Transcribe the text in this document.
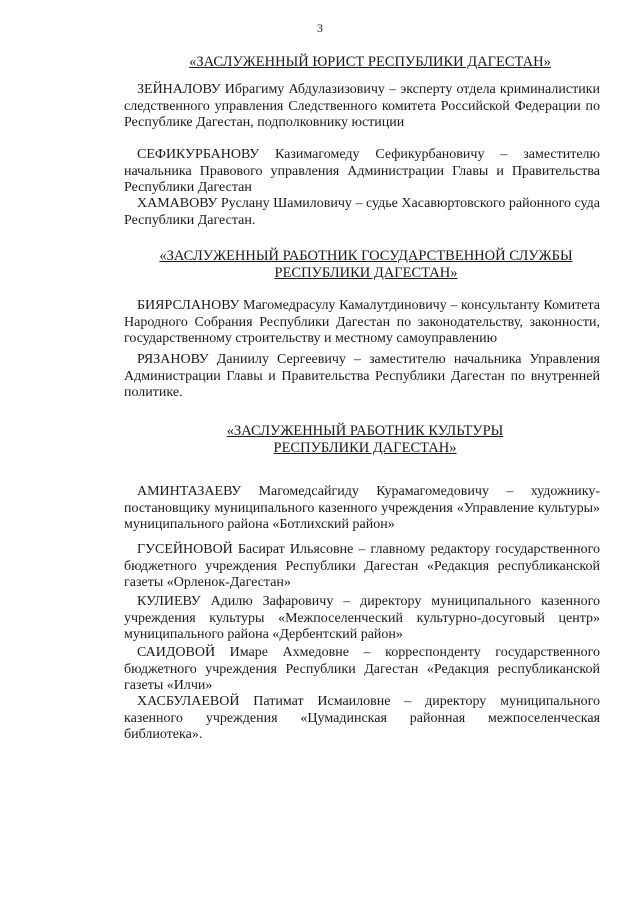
3
«ЗАСЛУЖЕННЫЙ ЮРИСТ РЕСПУБЛИКИ ДАГЕСТАН»

ЗЕЙНАЛОВУ Ибрагиму Абдулазизовичу – эксперту отдела криминалистики следственного управления Следственного комитета Российской Федерации по Республике Дагестан, подполковнику юстиции

СЕФИКУРБАНОВУ Казимагомеду Сефикурбановичу – заместителю начальника Правового управления Администрации Главы и Правительства Республики Дагестан

ХАМАВОВУ Руслану Шамиловичу – судье Хасавюртовского районного суда Республики Дагестан.

«ЗАСЛУЖЕННЫЙ РАБОТНИК ГОСУДАРСТВЕННОЙ СЛУЖБЫ
РЕСПУБЛИКИ ДАГЕСТАН»

БИЯРСЛАНОВУ Магомедрасулу Камалутдиновичу – консультанту Комитета Народного Собрания Республики Дагестан по законодательству, законности, государственному строительству и местному самоуправлению

РЯЗАНОВУ Даниилу Сергеевичу – заместителю начальника Управления Администрации Главы и Правительства Республики Дагестан по внутренней политике.

«ЗАСЛУЖЕННЫЙ РАБОТНИК КУЛЬТУРЫ
РЕСПУБЛИКИ ДАГЕСТАН»

АМИНТАЗАЕВУ Магомедсайгиду Курамагомедовичу – художнику-постановщику муниципального казенного учреждения «Управление культуры» муниципального района «Ботлихский район»

ГУСЕЙНОВОЙ Басират Ильясовне – главному редактору государственного бюджетного учреждения Республики Дагестан «Редакция республиканской газеты «Орленок-Дагестан»

КУЛИЕВУ Адилю Зафаровичу – директору муниципального казенного учреждения культуры «Межпоселенческий культурно-досуговый центр» муниципального района «Дербентский район»

САИДОВОЙ Имаре Ахмедовне – корреспонденту государственного бюджетного учреждения Республики Дагестан «Редакция республиканской газеты «Илчи»

ХАСБУЛАЕВОЙ Патимат Исмаиловне – директору муниципального казенного учреждения «Цумадинская районная межпоселенческая библиотека».
